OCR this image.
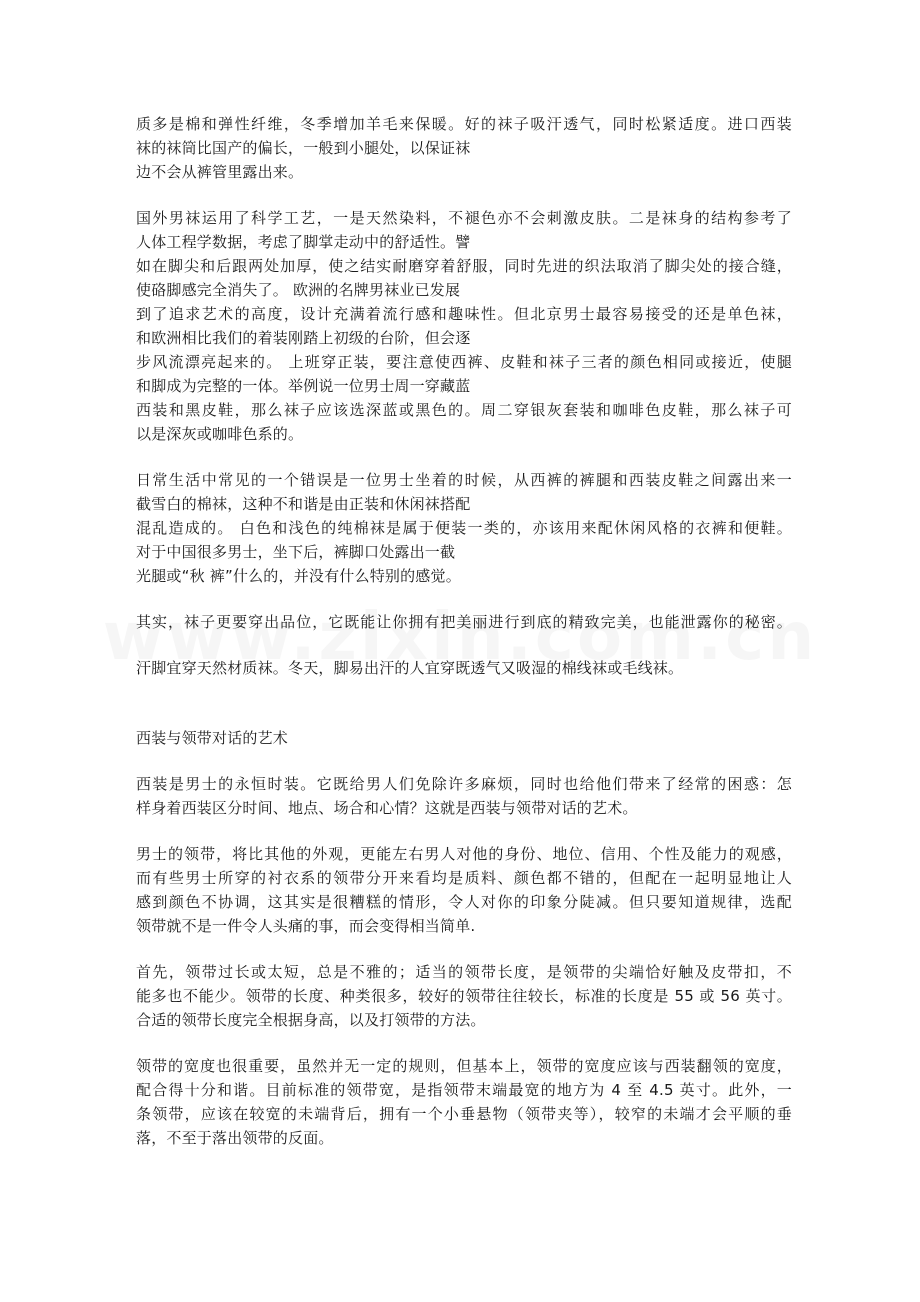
质多是棉和弹性纤维，冬季增加羊毛来保暖。好的袜子吸汗透气，同时松紧适度。进口西装
袜的袜筒比国产的偏长，一般到小腿处，以保证袜
边不会从裤管里露出来。
国外男袜运用了科学工艺，一是天然染料，不褪色亦不会刺激皮肤。二是袜身的结构参考了
人体工程学数据，考虑了脚掌走动中的舒适性。譬
如在脚尖和后跟两处加厚，使之结实耐磨穿着舒服，同时先进的织法取消了脚尖处的接合缝，
使硌脚感完全消失了。 欧洲的名牌男袜业已发展
到了追求艺术的高度，设计充满着流行感和趣味性。但北京男士最容易接受的还是单色袜，
和欧洲相比我们的着装刚踏上初级的台阶，但会逐
步风流漂亮起来的。 上班穿正装，要注意使西裤、皮鞋和袜子三者的颜色相同或接近，使腿
和脚成为完整的一体。举例说一位男士周一穿藏蓝
西装和黑皮鞋，那么袜子应该选深蓝或黑色的。周二穿银灰套装和咖啡色皮鞋，那么袜子可
以是深灰或咖啡色系的。
日常生活中常见的一个错误是一位男士坐着的时候，从西裤的裤腿和西装皮鞋之间露出来一
截雪白的棉袜，这种不和谐是由正装和休闲袜搭配
混乱造成的。 白色和浅色的纯棉袜是属于便装一类的，亦该用来配休闲风格的衣裤和便鞋。
对于中国很多男士，坐下后，裤脚口处露出一截
光腿或“秋 裤”什么的，并没有什么特别的感觉。
其实，袜子更要穿出品位，它既能让你拥有把美丽进行到底的精致完美，也能泄露你的秘密。
汗脚宜穿天然材质袜。冬天，脚易出汗的人宜穿既透气又吸湿的棉线袜或毛线袜。
西装与领带对话的艺术
西装是男士的永恒时装。它既给男人们免除许多麻烦，同时也给他们带来了经常的困惑：怎
样身着西装区分时间、地点、场合和心情？这就是西装与领带对话的艺术。
男士的领带，将比其他的外观，更能左右男人对他的身份、地位、信用、个性及能力的观感，
而有些男士所穿的衬衣系的领带分开来看均是质料、颜色都不错的，但配在一起明显地让人
感到颜色不协调，这其实是很糟糕的情形，令人对你的印象分陡减。但只要知道规律，选配
领带就不是一件令人头痛的事，而会变得相当简单.
首先，领带过长或太短，总是不雅的；适当的领带长度，是领带的尖端恰好触及皮带扣，不
能多也不能少。领带的长度、种类很多，较好的领带往往较长，标准的长度是 55 或 56 英寸。
合适的领带长度完全根据身高，以及打领带的方法。
领带的宽度也很重要，虽然并无一定的规则，但基本上，领带的宽度应该与西装翻领的宽度，
配合得十分和谐。目前标准的领带宽，是指领带末端最宽的地方为 4 至 4.5 英寸。此外，一
条领带，应该在较宽的未端背后，拥有一个小垂悬物（领带夹等），较窄的未端才会平顺的垂
落，不至于落出领带的反面。
